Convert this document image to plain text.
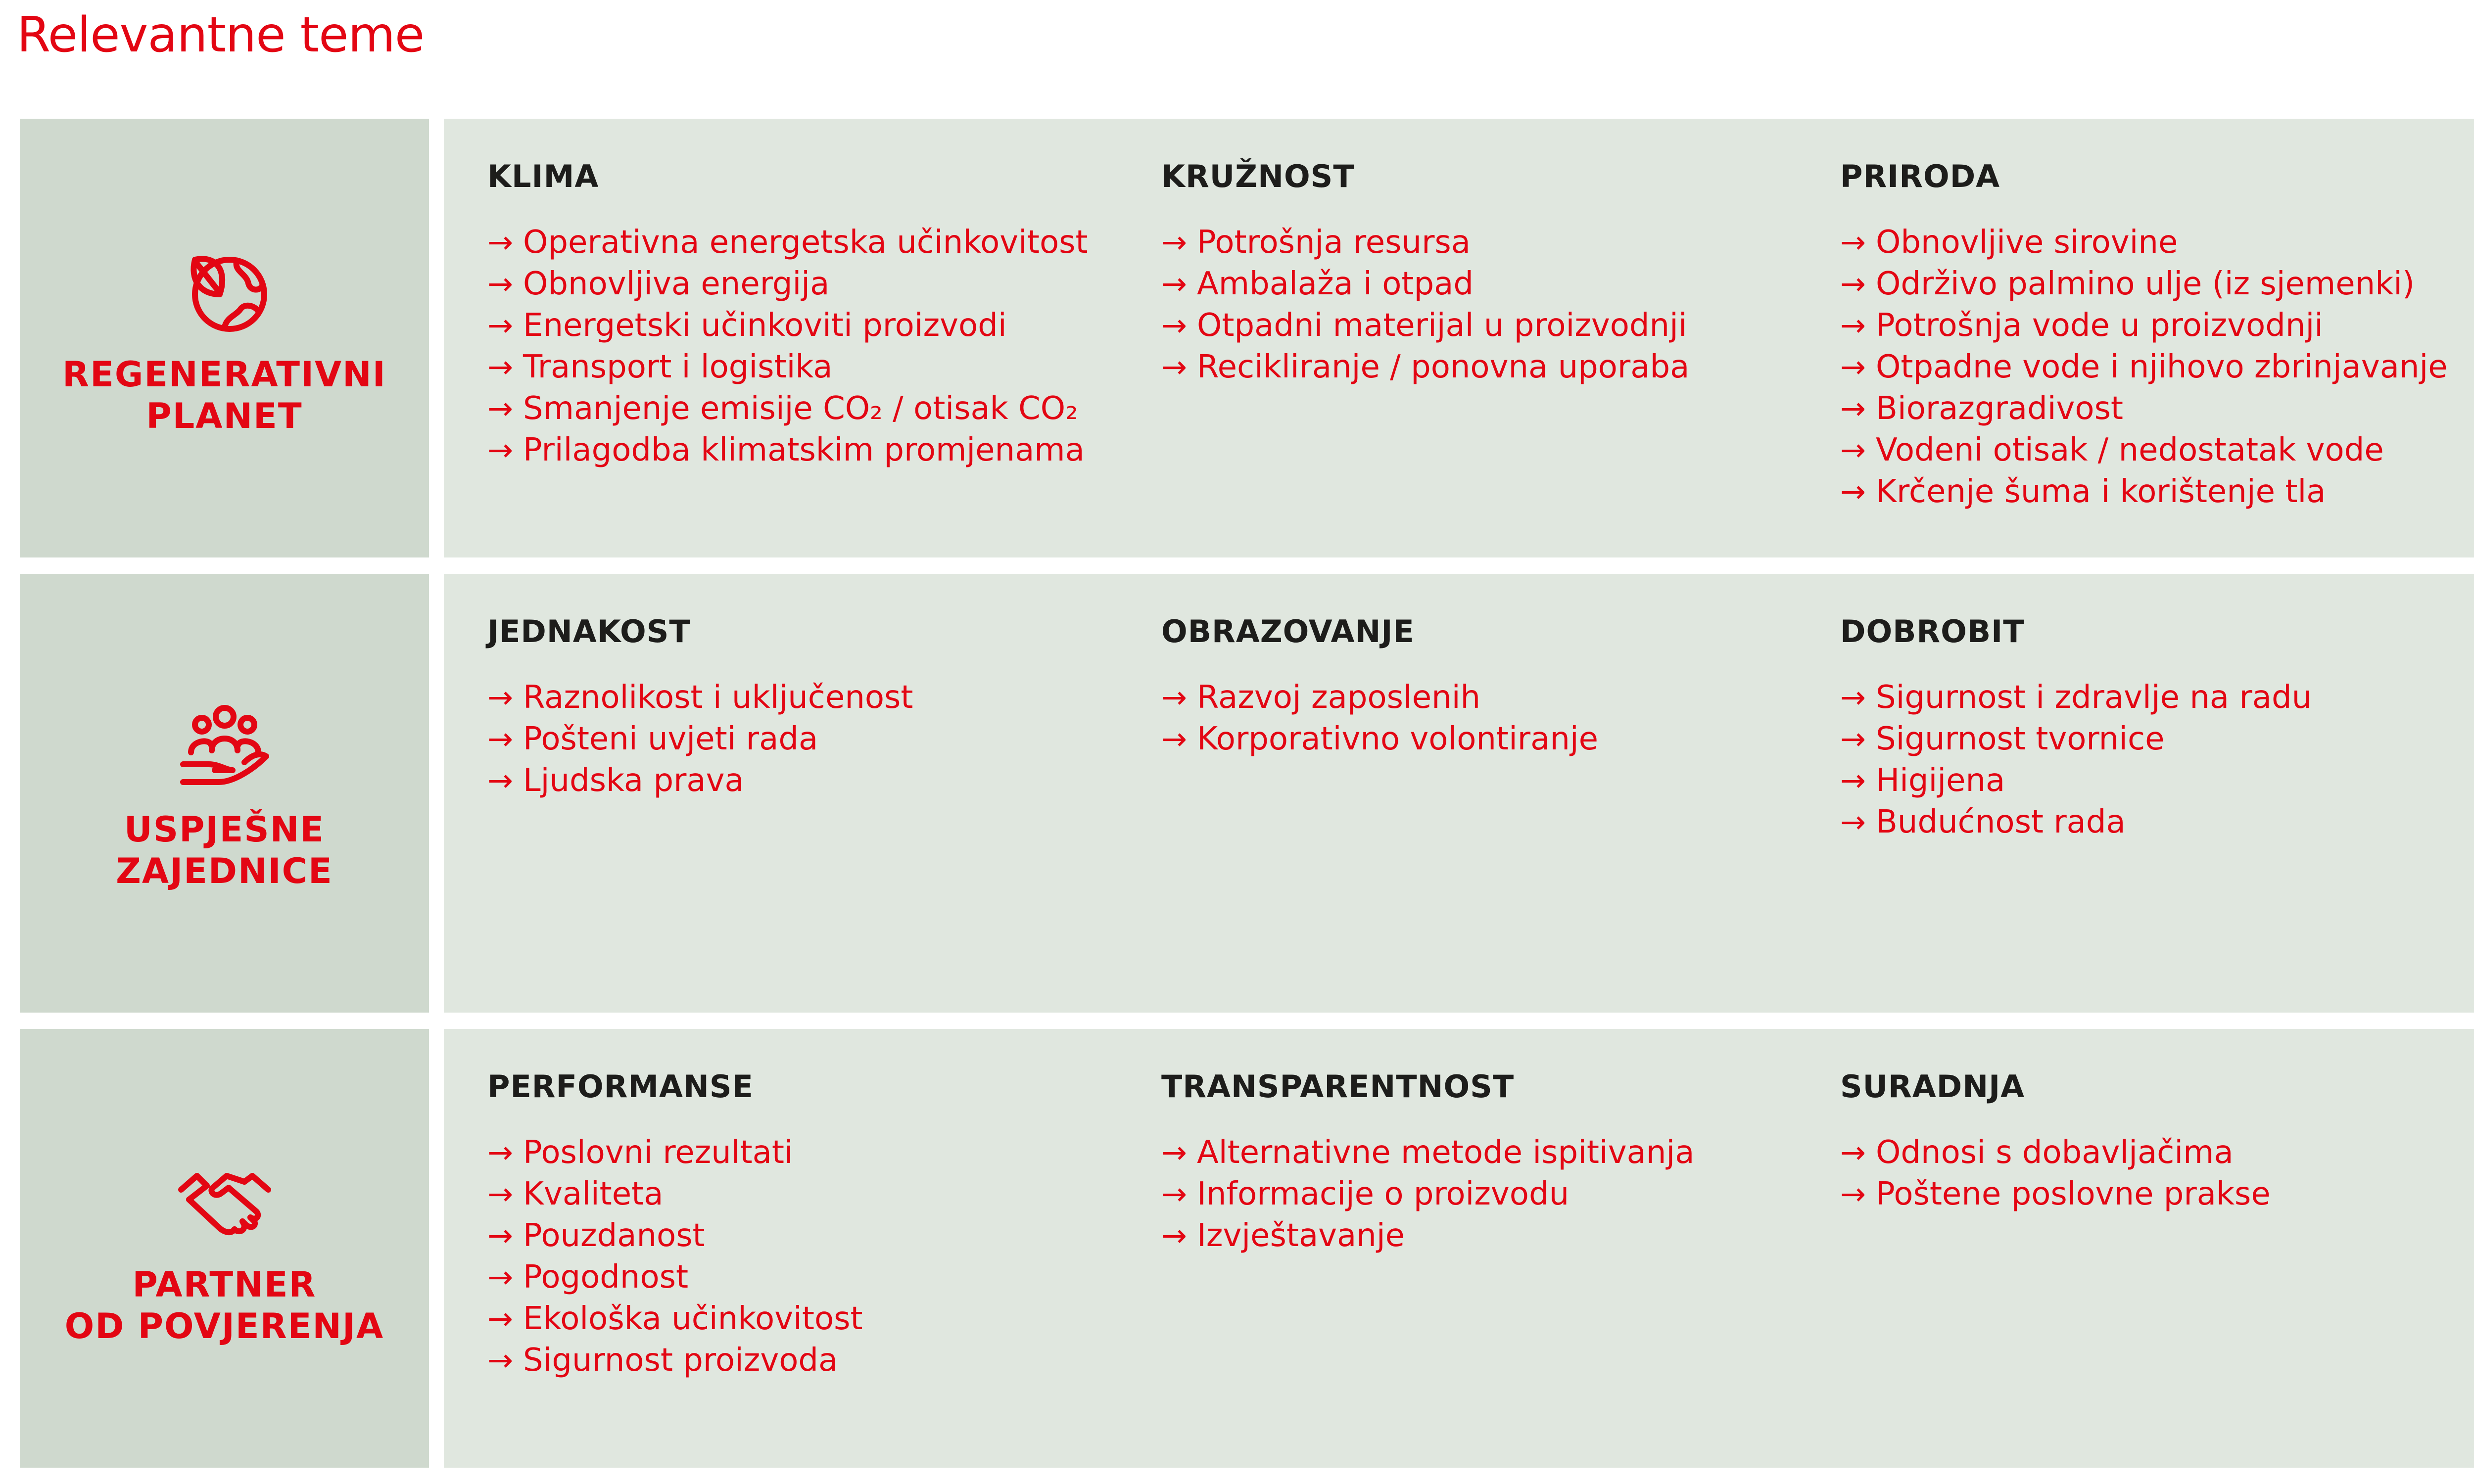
Relevantne teme
REGENERATIVNI
PLANET
KLIMA
→ Operativna energetska učinkovitost
→ Obnovljiva energija
→ Energetski učinkoviti proizvodi
→ Transport i logistika
→ Smanjenje emisije CO₂ / otisak CO₂
→ Prilagodba klimatskim promjenama
KRUŽNOST
→ Potrošnja resursa
→ Ambalaža i otpad
→ Otpadni materijal u proizvodnji
→ Recikliranje / ponovna uporaba
PRIRODA
→ Obnovljive sirovine
→ Održivo palmino ulje (iz sjemenki)
→ Potrošnja vode u proizvodnji
→ Otpadne vode i njihovo zbrinjavanje
→ Biorazgradivost
→ Vodeni otisak / nedostatak vode
→ Krčenje šuma i korištenje tla
USPJEŠNE
ZAJEDNICE
JEDNAKOST
→ Raznolikost i uključenost
→ Pošteni uvjeti rada
→ Ljudska prava
OBRAZOVANJE
→ Razvoj zaposlenih
→ Korporativno volontiranje
DOBROBIT
→ Sigurnost i zdravlje na radu
→ Sigurnost tvornice
→ Higijena
→ Budućnost rada
PARTNER
OD POVJERENJA
PERFORMANSE
→ Poslovni rezultati
→ Kvaliteta
→ Pouzdanost
→ Pogodnost
→ Ekološka učinkovitost
→ Sigurnost proizvoda
TRANSPARENTNOST
→ Alternativne metode ispitivanja
→ Informacije o proizvodu
→ Izvještavanje
SURADNJA
→ Odnosi s dobavljačima
→ Poštene poslovne prakse
